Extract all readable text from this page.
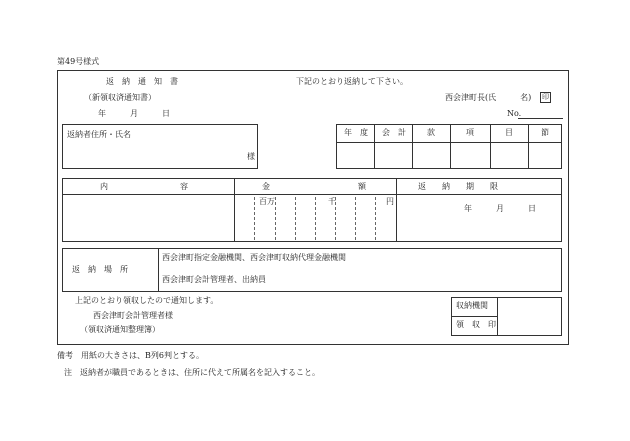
第49号様式
返　納　通　知　書	下記のとおり返納して下さい。
（新領収済通知書）	西会津町長(氏　　　名) 印
年　　　月　　　日	No.
返納者住所・氏名
様
年　度 会　計	款	項	目	節
内　　　　　　　　　容	金　　　　　　　　　　　額	返　　納　　期　　限
百万	千	円
年　　　月　　　日
返　納　場　所
西会津町指定金融機関、西会津町収納代理金融機関
西会津町会計管理者、出納員
上記のとおり領収したので通知します。
西会津町会計管理者様
（領収済通知整理簿）
収納機関
領　収　印
備考　用紙の大きさは、B列6判とする。
注　返納者が職員であるときは、住所に代えて所属名を記入すること。
